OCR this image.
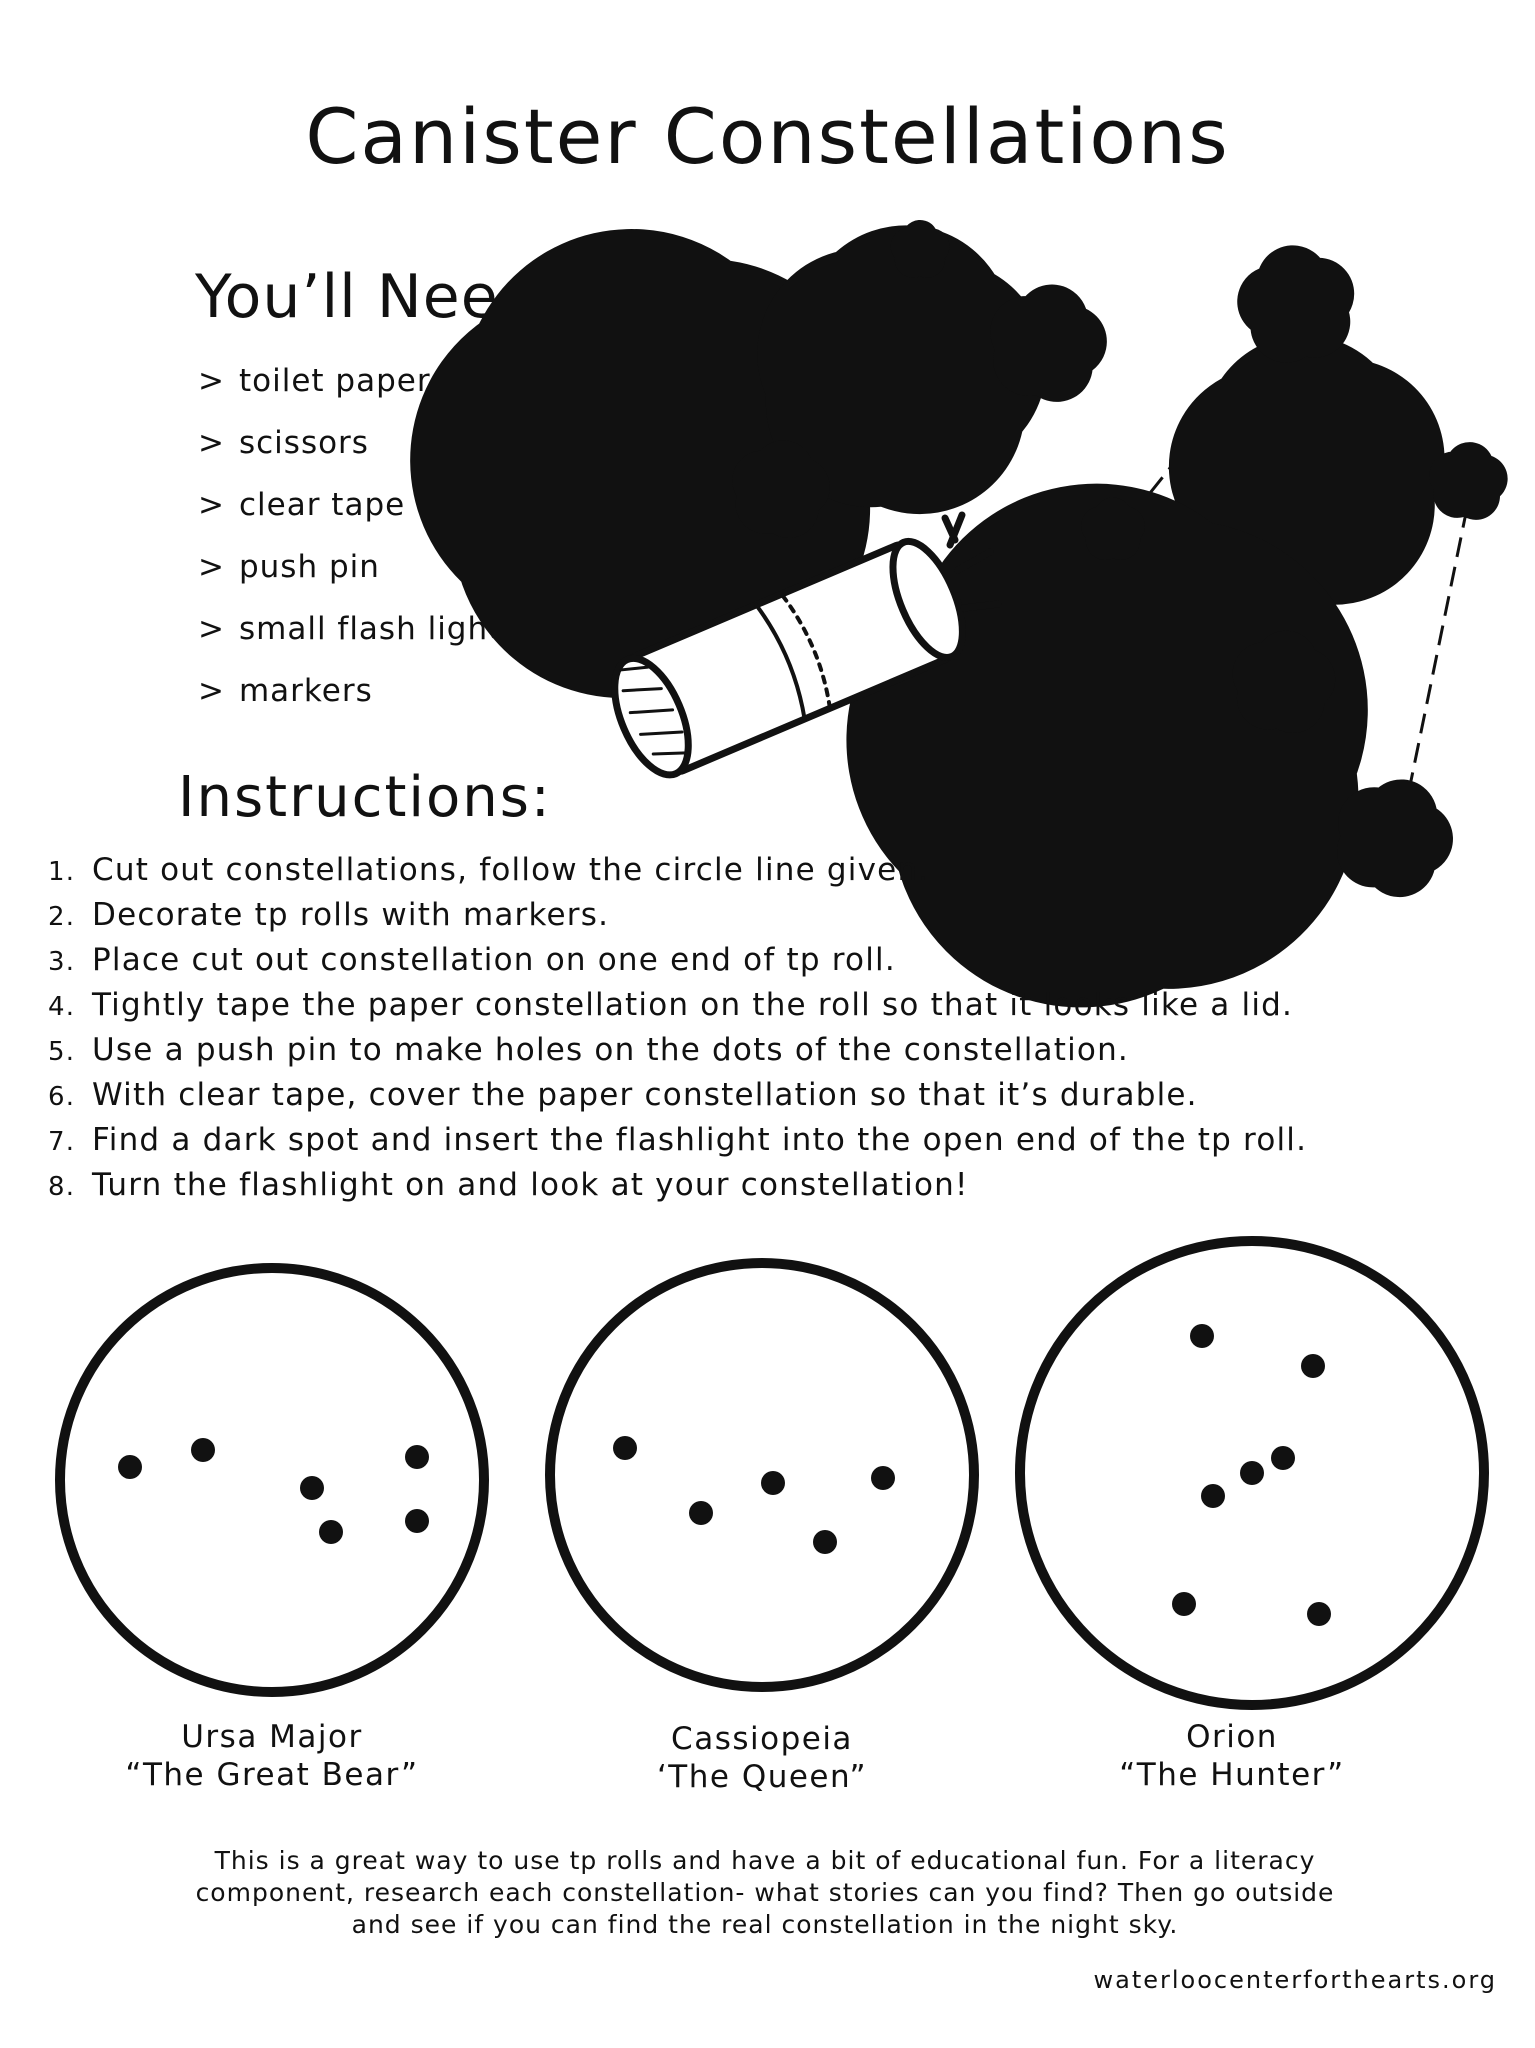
Canister Constellations
You’ll Need:
> toilet paper rolls
> scissors
> clear tape
> push pin
> small flash light
> markers
Instructions:
1. Cut out constellations, follow the circle line given.
2. Decorate tp rolls with markers.
3. Place cut out constellation on one end of tp roll.
4. Tightly tape the paper constellation on the roll so that it looks like a lid.
5. Use a push pin to make holes on the dots of the constellation.
6. With clear tape, cover the paper constellation so that it’s durable.
7. Find a dark spot and insert the flashlight into the open end of the tp roll.
8. Turn the flashlight on and look at your constellation!
Ursa Major
“The Great Bear”
Cassiopeia
‘The Queen”
Orion
“The Hunter”
This is a great way to use tp rolls and have a bit of educational fun. For a literacy
component, research each constellation- what stories can you find? Then go outside
and see if you can find the real constellation in the night sky.
waterloocenterforthearts.org
